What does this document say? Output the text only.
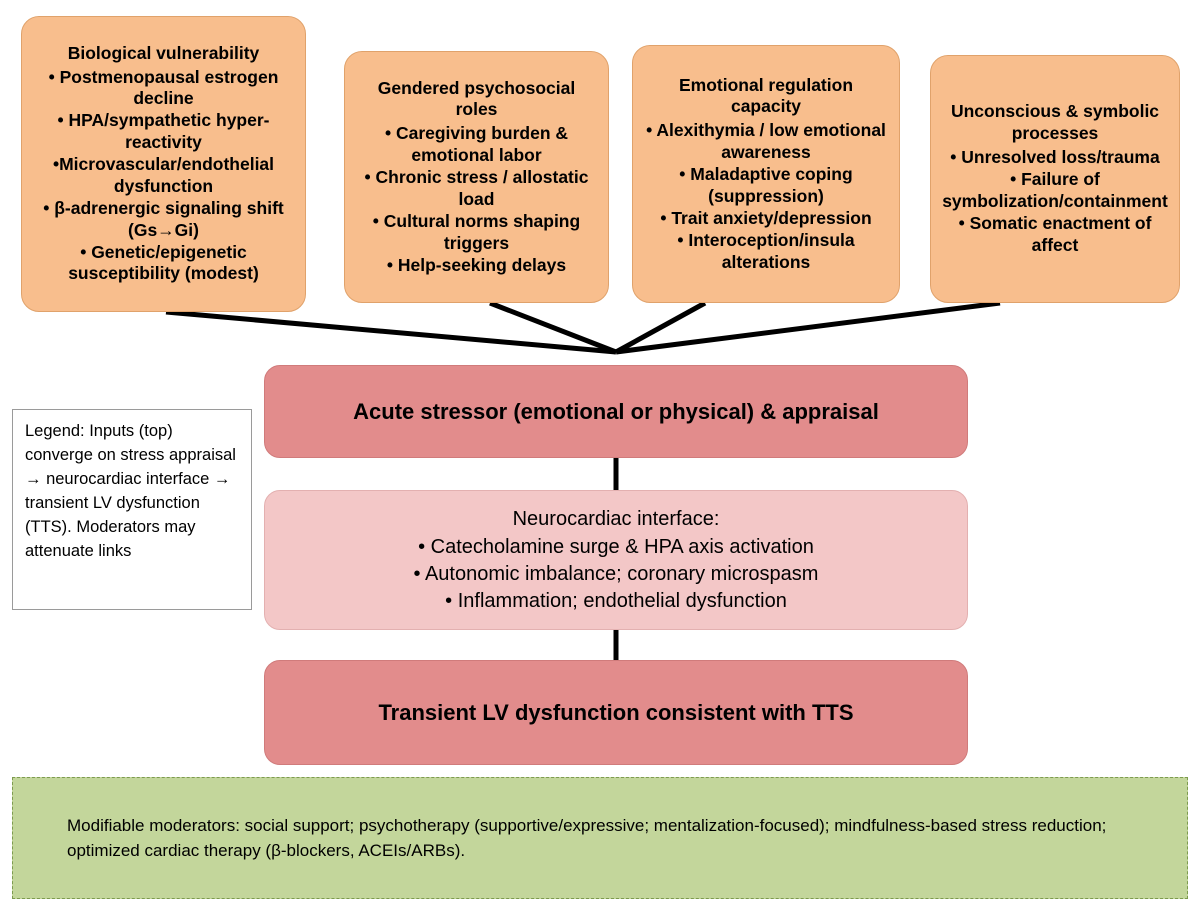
Biological vulnerability
• Postmenopausal estrogen decline
• HPA/sympathetic hyper-reactivity
•Microvascular/endothelial dysfunction
• β-adrenergic signaling shift (Gs→Gi)
• Genetic/epigenetic susceptibility (modest)
Gendered psychosocial roles
• Caregiving burden & emotional labor
• Chronic stress / allostatic load
• Cultural norms shaping triggers
• Help-seeking delays
Emotional regulation capacity
• Alexithymia / low emotional awareness
• Maladaptive coping (suppression)
• Trait anxiety/depression
• Interoception/insula alterations
Unconscious & symbolic processes
• Unresolved loss/trauma
• Failure of symbolization/containment
• Somatic enactment of affect
Acute stressor (emotional or physical) & appraisal
Neurocardiac interface:
• Catecholamine surge & HPA axis activation
• Autonomic imbalance; coronary microspasm
• Inflammation; endothelial dysfunction
Transient LV dysfunction consistent with TTS
Legend: Inputs (top) converge on stress appraisal → neurocardiac interface → transient LV dysfunction (TTS). Moderators may attenuate links
Modifiable moderators: social support; psychotherapy (supportive/expressive; mentalization-focused); mindfulness-based stress reduction; optimized cardiac therapy (β-blockers, ACEIs/ARBs).
